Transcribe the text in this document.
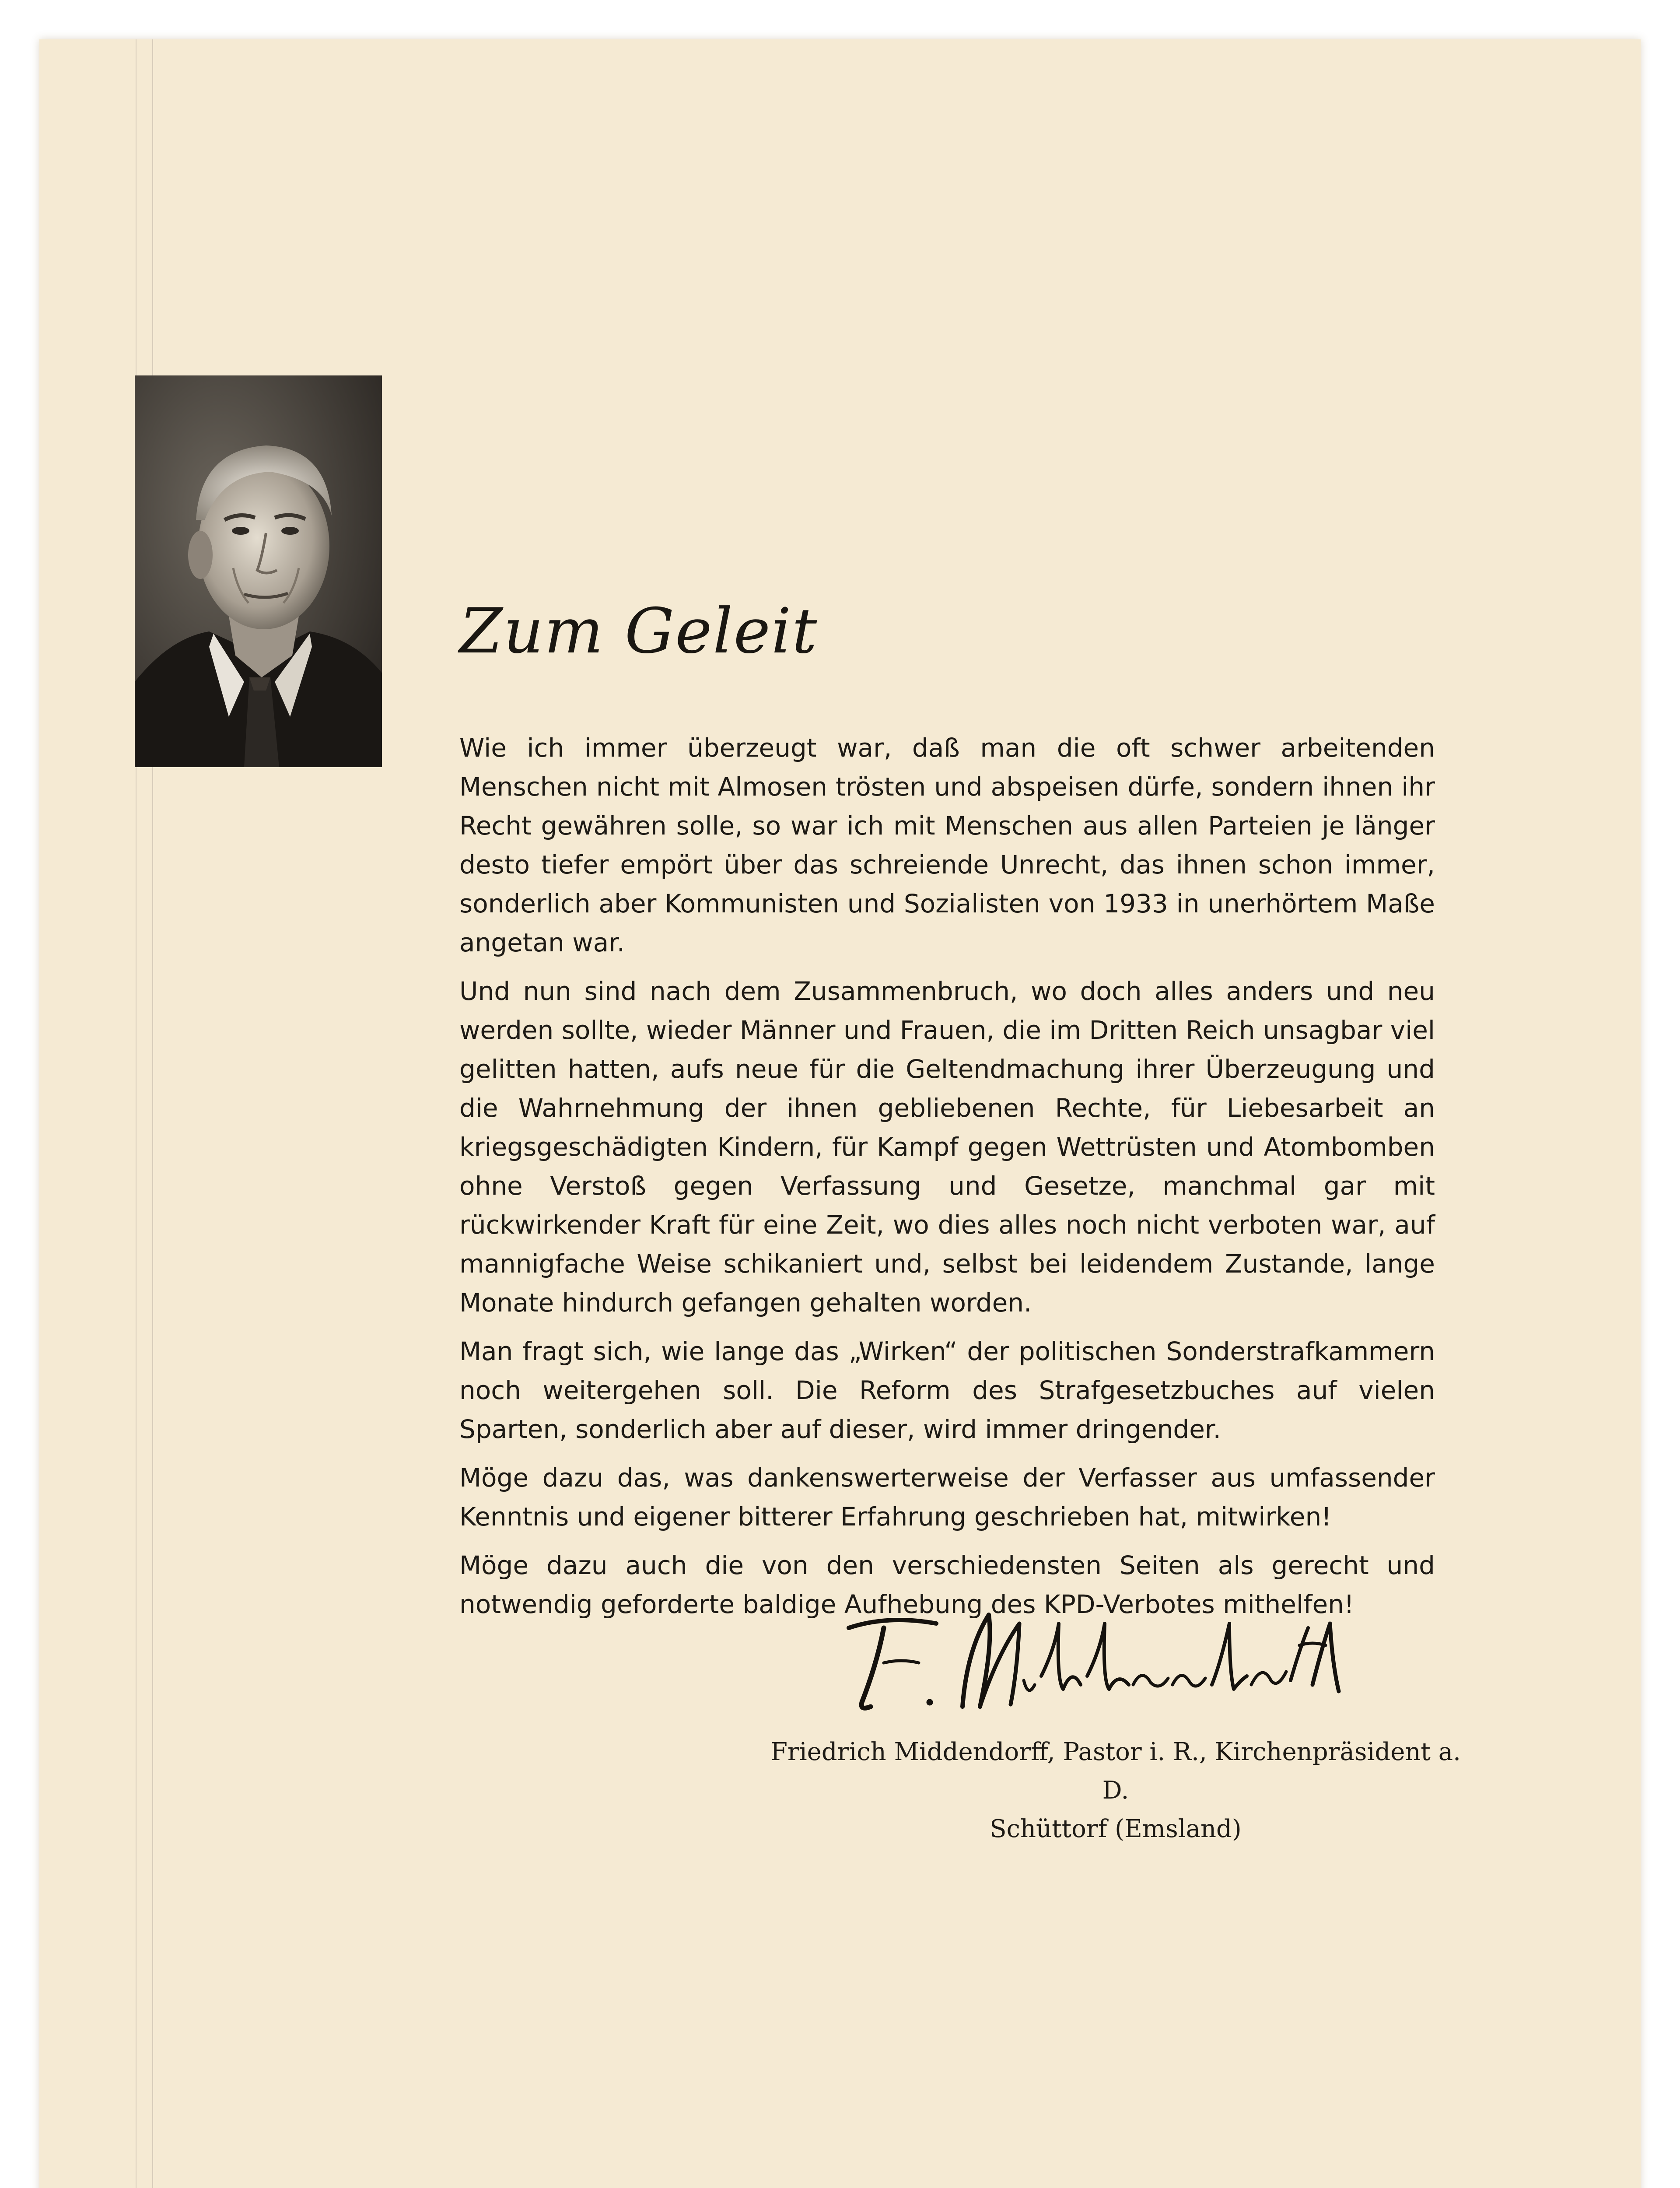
Zum Geleit

Wie ich immer überzeugt war, daß man die oft schwer arbeitenden Menschen nicht mit Almosen trösten und abspeisen dürfe, sondern ihnen ihr Recht gewähren solle, so war ich mit Menschen aus allen Parteien je länger desto tiefer empört über das schreiende Unrecht, das ihnen schon immer, sonderlich aber Kommunisten und Sozialisten von 1933 in unerhörtem Maße angetan war.

Und nun sind nach dem Zusammenbruch, wo doch alles anders und neu werden sollte, wieder Männer und Frauen, die im Dritten Reich unsagbar viel gelitten hatten, aufs neue für die Geltendmachung ihrer Überzeugung und die Wahrnehmung der ihnen gebliebenen Rechte, für Liebesarbeit an kriegsgeschädigten Kindern, für Kampf gegen Wettrüsten und Atombomben ohne Verstoß gegen Verfassung und Gesetze, manchmal gar mit rückwirkender Kraft für eine Zeit, wo dies alles noch nicht verboten war, auf mannigfache Weise schikaniert und, selbst bei leidendem Zustande, lange Monate hindurch gefangen gehalten worden.

Man fragt sich, wie lange das „Wirken“ der politischen Sonderstrafkammern noch weitergehen soll. Die Reform des Strafgesetzbuches auf vielen Sparten, sonderlich aber auf dieser, wird immer dringender.

Möge dazu das, was dankenswerterweise der Verfasser aus umfassender Kenntnis und eigener bitterer Erfahrung geschrieben hat, mitwirken!

Möge dazu auch die von den verschiedensten Seiten als gerecht und notwendig geforderte baldige Aufhebung des KPD-Verbotes mithelfen!

Friedrich Middendorff, Pastor i. R., Kirchenpräsident a. D.
Schüttorf (Emsland)
